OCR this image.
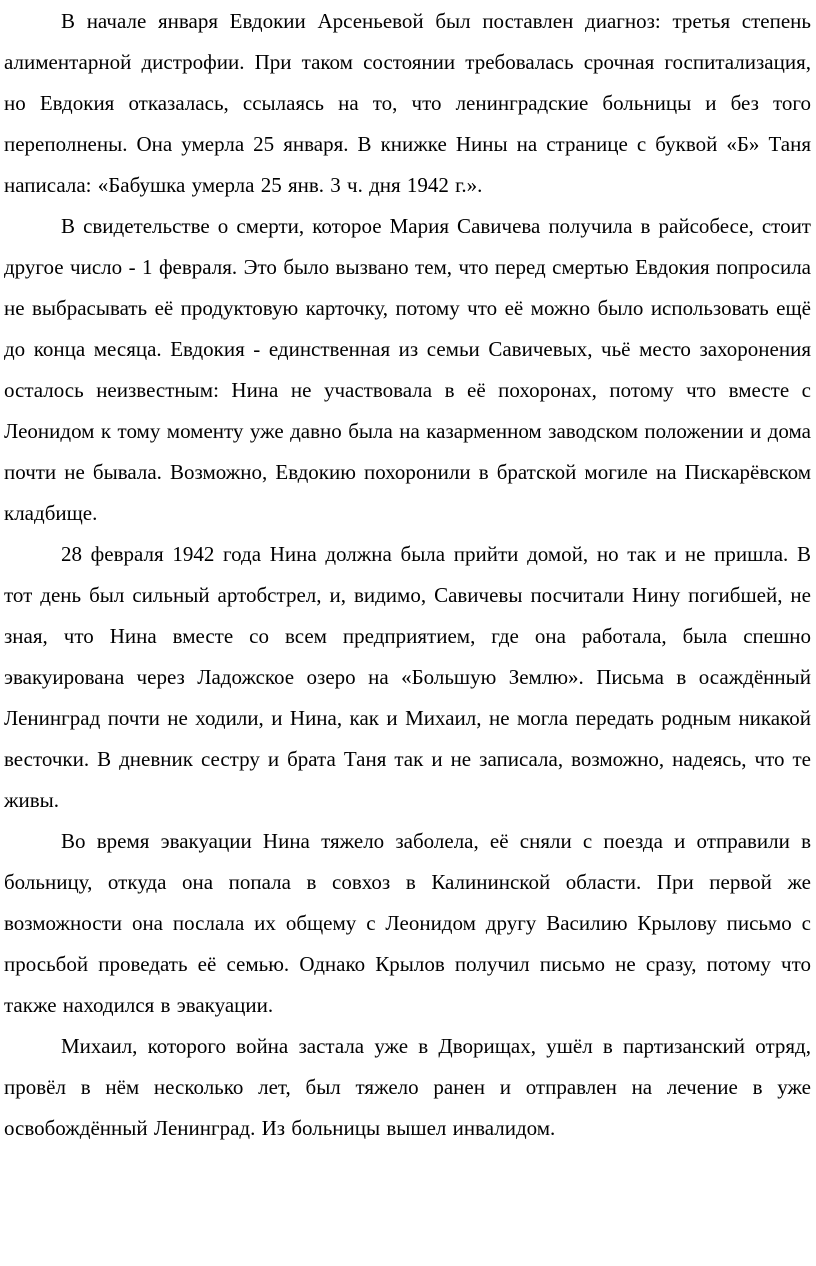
В начале января Евдокии Арсеньевой был поставлен диагноз: третья степень алиментарной дистрофии. При таком состоянии требовалась срочная госпитализация, но Евдокия отказалась, ссылаясь на то, что ленинградские больницы и без того переполнены. Она умерла 25 января. В книжке Нины на странице с буквой «Б» Таня написала: «Бабушка умерла 25 янв. 3 ч. дня 1942 г.».

В свидетельстве о смерти, которое Мария Савичева получила в райсобесе, стоит другое число - 1 февраля. Это было вызвано тем, что перед смертью Евдокия попросила не выбрасывать её продуктовую карточку, потому что её можно было использовать ещё до конца месяца. Евдокия - единственная из семьи Савичевых, чьё место захоронения осталось неизвестным: Нина не участвовала в её похоронах, потому что вместе с Леонидом к тому моменту уже давно была на казарменном заводском положении и дома почти не бывала. Возможно, Евдокию похоронили в братской могиле на Пискарёвском кладбище.

28 февраля 1942 года Нина должна была прийти домой, но так и не пришла. В тот день был сильный артобстрел, и, видимо, Савичевы посчитали Нину погибшей, не зная, что Нина вместе со всем предприятием, где она работала, была спешно эвакуирована через Ладожское озеро на «Большую Землю». Письма в осаждённый Ленинград почти не ходили, и Нина, как и Михаил, не могла передать родным никакой весточки. В дневник сестру и брата Таня так и не записала, возможно, надеясь, что те живы.

Во время эвакуации Нина тяжело заболела, её сняли с поезда и отправили в больницу, откуда она попала в совхоз в Калининской области. При первой же возможности она послала их общему с Леонидом другу Василию Крылову письмо с просьбой проведать её семью. Однако Крылов получил письмо не сразу, потому что также находился в эвакуации.

Михаил, которого война застала уже в Дворищах, ушёл в партизанский отряд, провёл в нём несколько лет, был тяжело ранен и отправлен на лечение в уже освобождённый Ленинград. Из больницы вышел инвалидом.
